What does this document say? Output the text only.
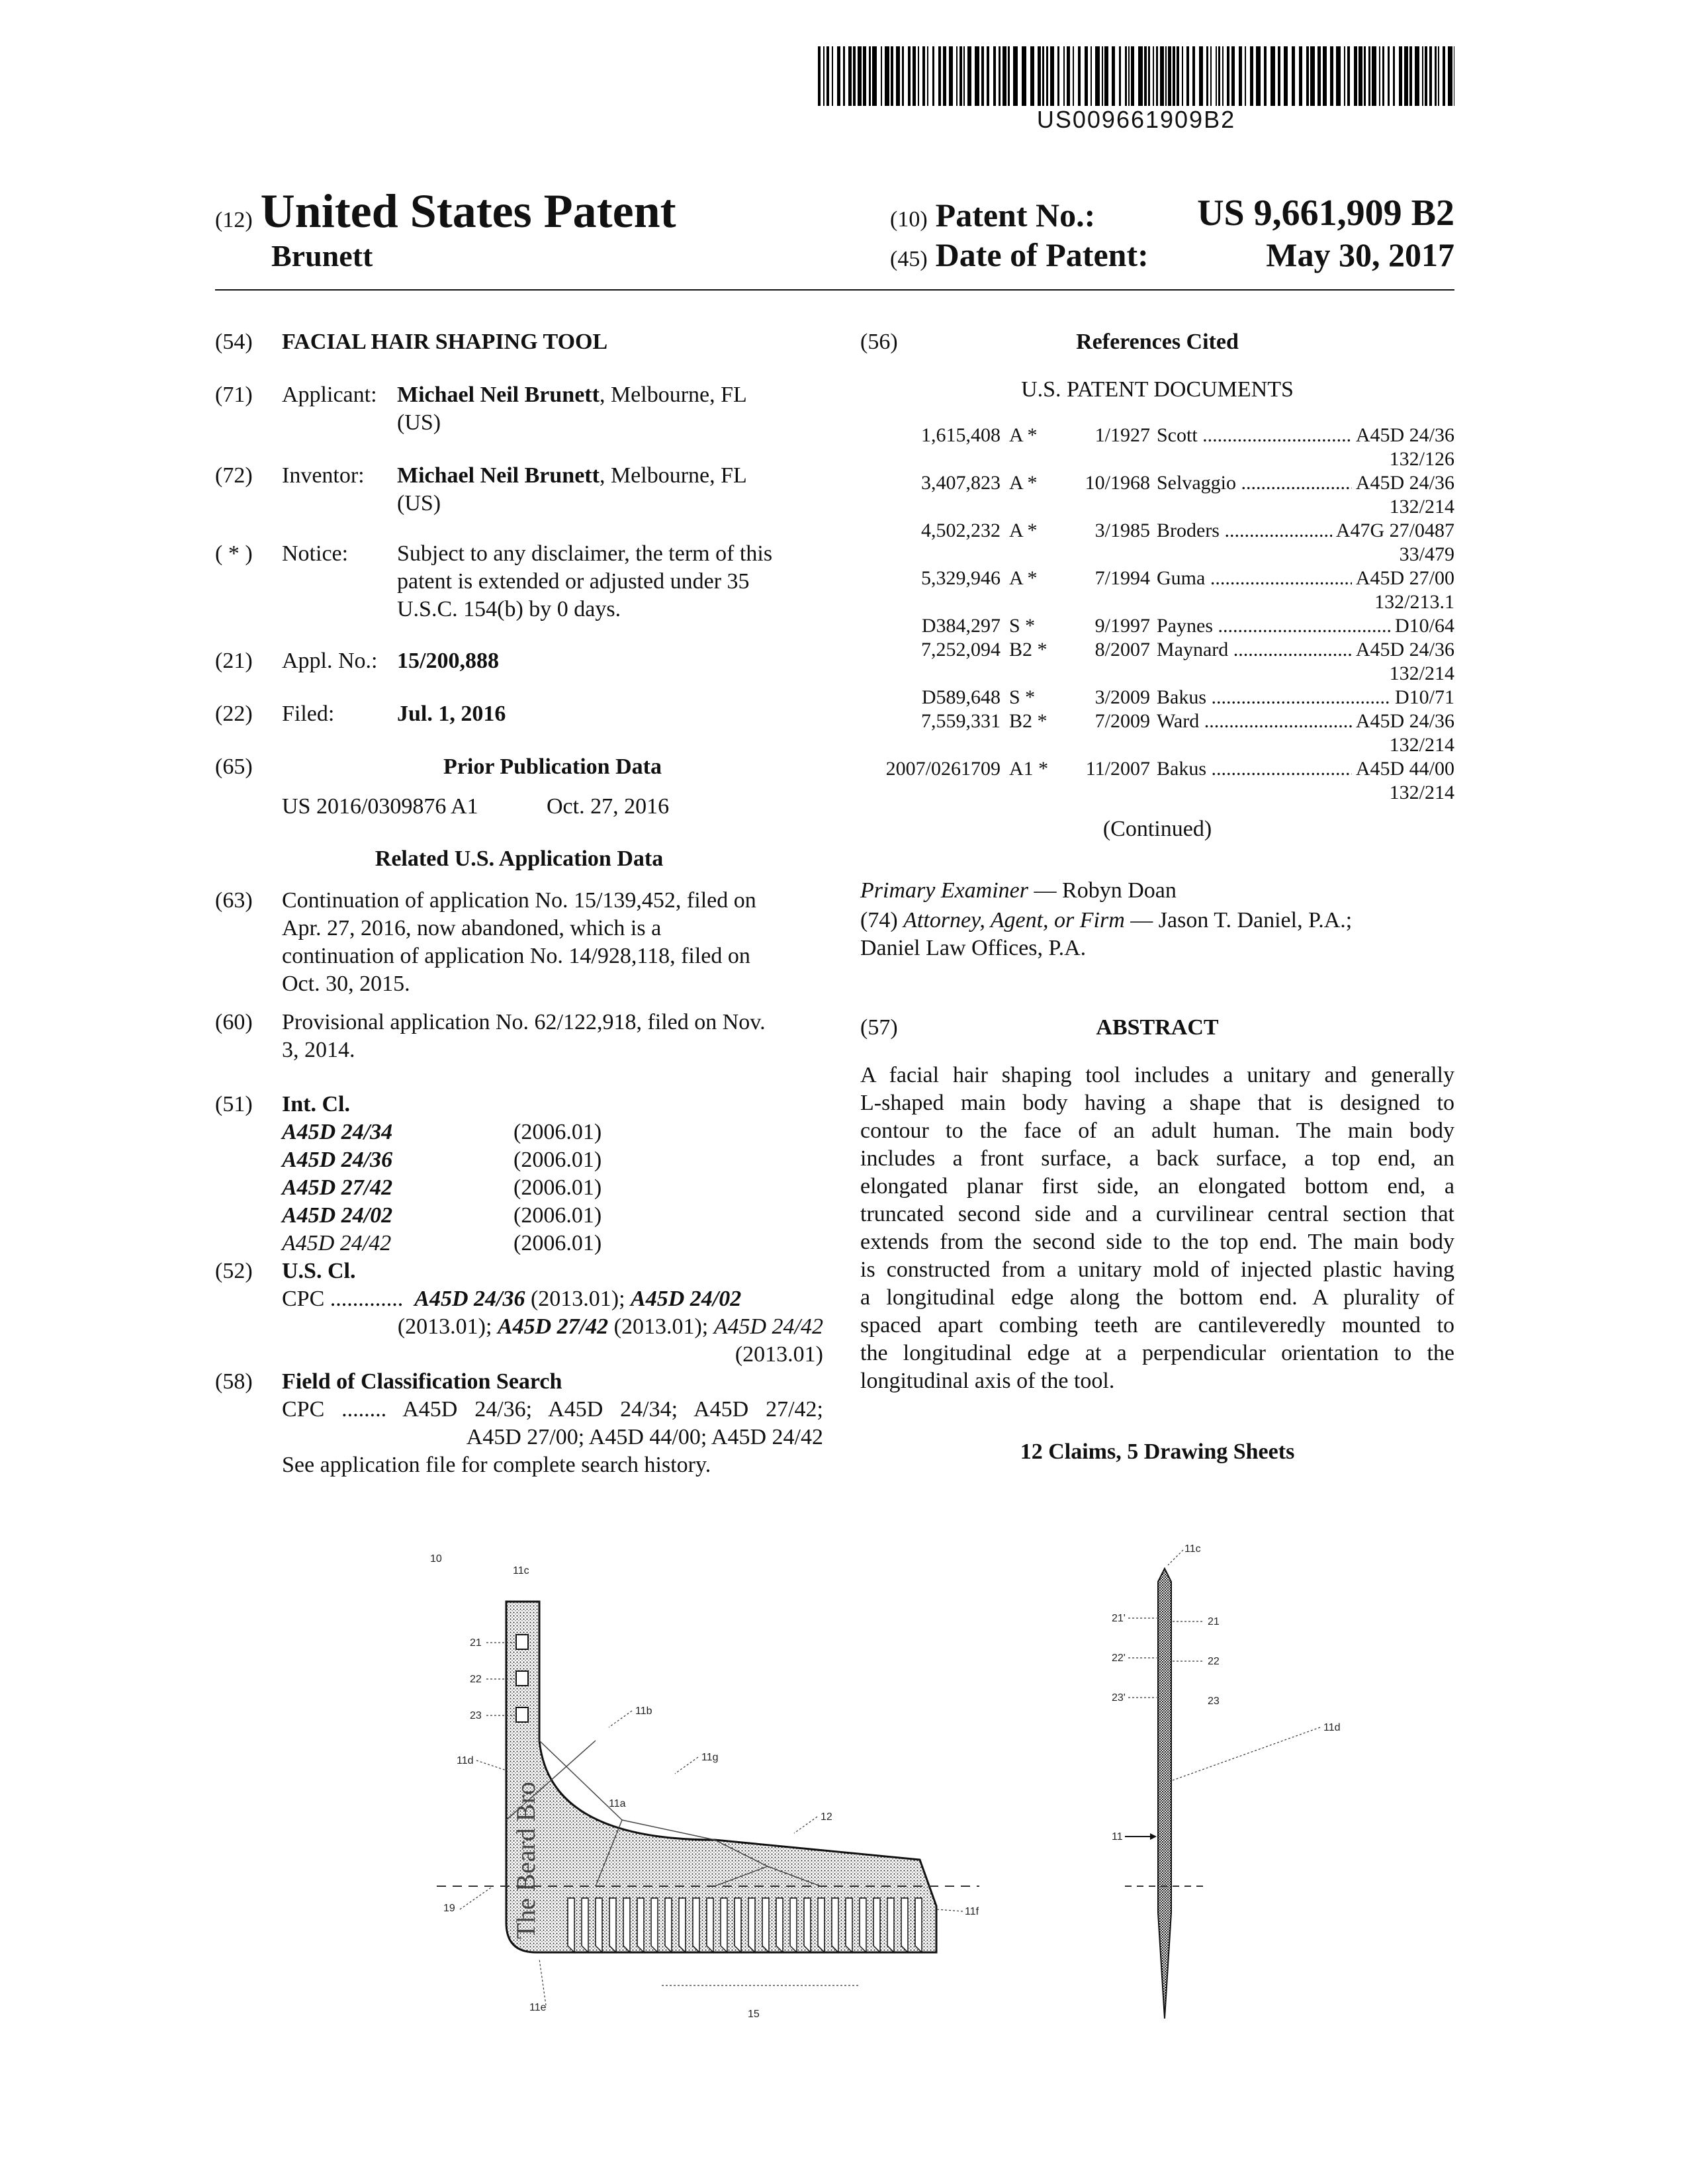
US009661909B2
(12) United States Patent
Brunett
(10) Patent No.:	US 9,661,909 B2
(45) Date of Patent:	May 30, 2017
(54)	FACIAL HAIR SHAPING TOOL
(71)	Applicant: Michael Neil Brunett, Melbourne, FL
(US)
(72)	Inventor: Michael Neil Brunett, Melbourne, FL
(US)
( * )	Notice: Subject to any disclaimer, the term of this
patent is extended or adjusted under 35
U.S.C. 154(b) by 0 days.
(21)	Appl. No.: 15/200,888
(22)	Filed:	Jul. 1, 2016
(65)	Prior Publication Data
US 2016/0309876 A1	Oct. 27, 2016
Related U.S. Application Data
(63)	Continuation of application No. 15/139,452, filed on
Apr. 27, 2016, now abandoned, which is a
continuation of application No. 14/928,118, filed on
Oct. 30, 2015.
(60)	Provisional application No. 62/122,918, filed on Nov.
3, 2014.
(51)	Int. Cl.
A45D 24/34	(2006.01)
A45D 24/36	(2006.01)
A45D 27/42	(2006.01)
A45D 24/02	(2006.01)
A45D 24/42	(2006.01)
(52)	U.S. Cl.
CPC ............. A45D 24/36 (2013.01); A45D 24/02
(2013.01); A45D 27/42 (2013.01); A45D 24/42
(2013.01)
(58)	Field of Classification Search
CPC ........ A45D 24/36; A45D 24/34; A45D 27/42;
A45D 27/00; A45D 44/00; A45D 24/42
See application file for complete search history.
(56)	References Cited
U.S. PATENT DOCUMENTS
1,615,408 A *	1/1927 Scott .....	A45D 24/36
132/126
3,407,823 A * 10/1968 Selvaggio .....	A45D 24/36
132/214
4,502,232 A *	3/1985 Broders .....	A47G 27/0487
33/479
5,329,946 A *	7/1994 Guma .....	A45D 27/00
132/213.1
D384,297 S *	9/1997 Paynes .....	D10/64
7,252,094 B2 * 8/2007 Maynard .....	A45D 24/36
132/214
D589,648 S *	3/2009 Bakus .....	D10/71
7,559,331 B2 * 7/2009 Ward .....	A45D 24/36
132/214
2007/0261709 A1 * 11/2007 Bakus .....	A45D 44/00
132/214
(Continued)
Primary Examiner — Robyn Doan
(74) Attorney, Agent, or Firm — Jason T. Daniel, P.A.;
Daniel Law Offices, P.A.
(57)	ABSTRACT
A facial hair shaping tool includes a unitary and generally
L-shaped main body having a shape that is designed to
contour to the face of an adult human. The main body
includes a front surface, a back surface, a top end, an
elongated planar first side, an elongated bottom end, a
truncated second side and a curvilinear central section that
extends from the second side to the top end. The main body
is constructed from a unitary mold of injected plastic having
a longitudinal edge along the bottom end. A plurality of
spaced apart combing teeth are cantileveredly mounted to
the longitudinal edge at a perpendicular orientation to the
longitudinal axis of the tool.
12 Claims, 5 Drawing Sheets
The Beard Bro
10
11c
21
22
23	11b
11d	11g
11a
12
19	11f
11e
15
11c
21'	21
22'	22
23'	23
11d
11
